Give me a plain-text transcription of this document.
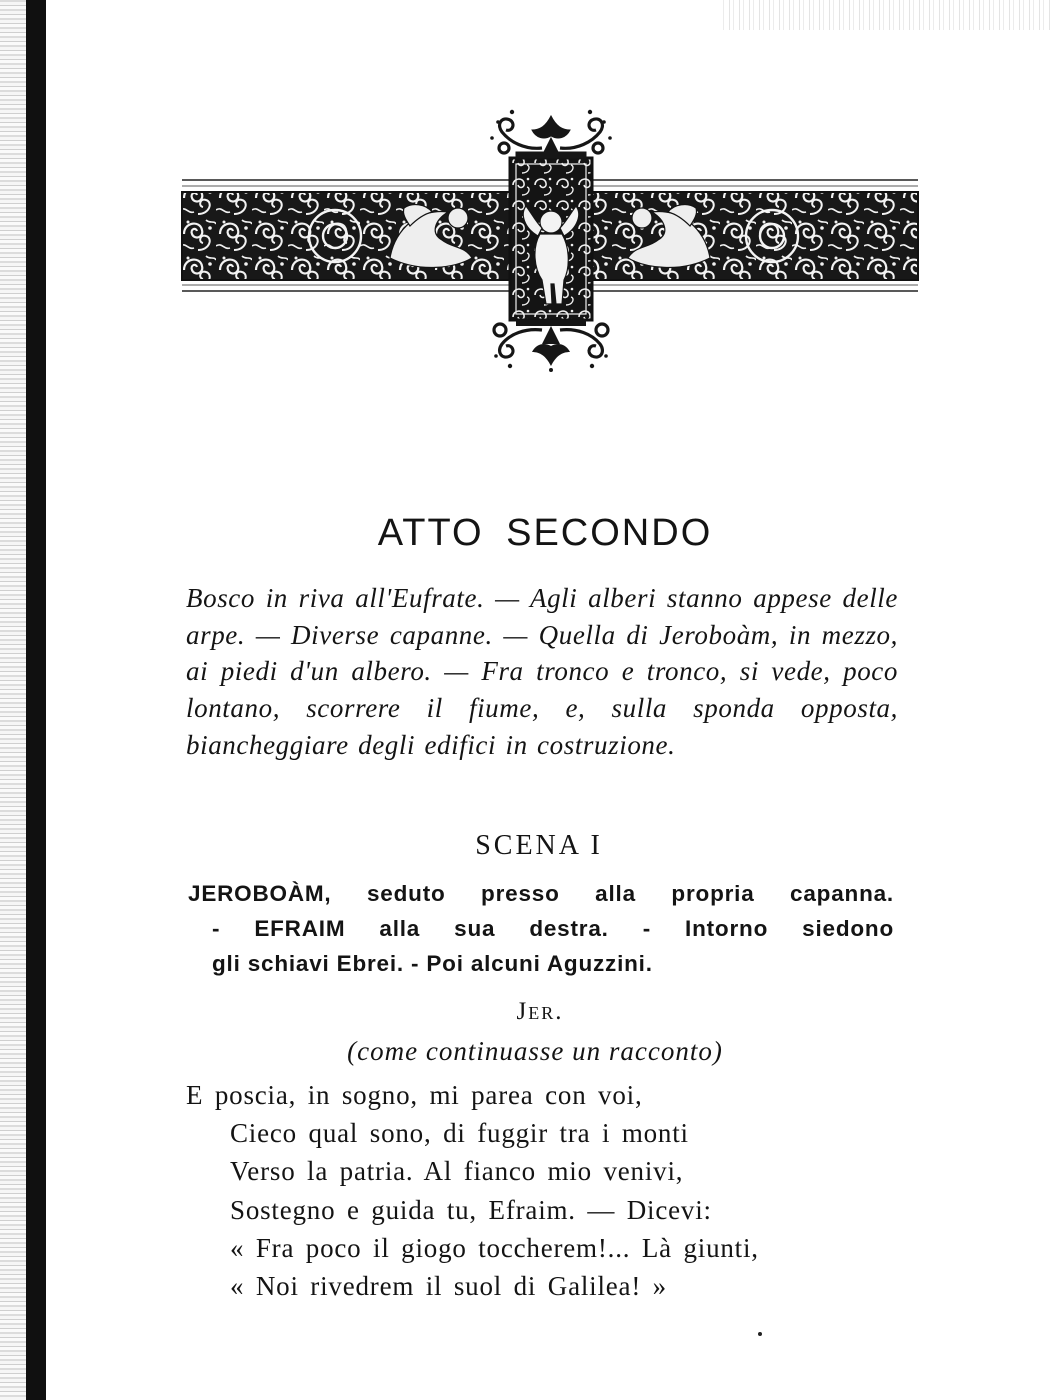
ATTO SECONDO

Bosco in riva all'Eufrate. — Agli alberi stanno appese delle arpe. — Diverse capanne. — Quella di Jeroboàm, in mezzo, ai piedi d'un albero. — Fra tronco e tronco, si vede, poco lontano, scorrere il fiume, e, sulla sponda opposta, biancheggiare degli edifici in costruzione.

SCENA I

JEROBOÀM, seduto presso alla propria capanna.
- EFRAIM alla sua destra. - Intorno siedono
gli schiavi Ebrei. - Poi alcuni Aguzzini.

Jer.

(come continuasse un racconto)

E poscia, in sogno, mi parea con voi,
Cieco qual sono, di fuggir tra i monti
Verso la patria. Al fianco mio venivi,
Sostegno e guida tu, Efraim. — Dicevi:
« Fra poco il giogo toccherem!... Là giunti,
« Noi rivedrem il suol di Galilea! »
